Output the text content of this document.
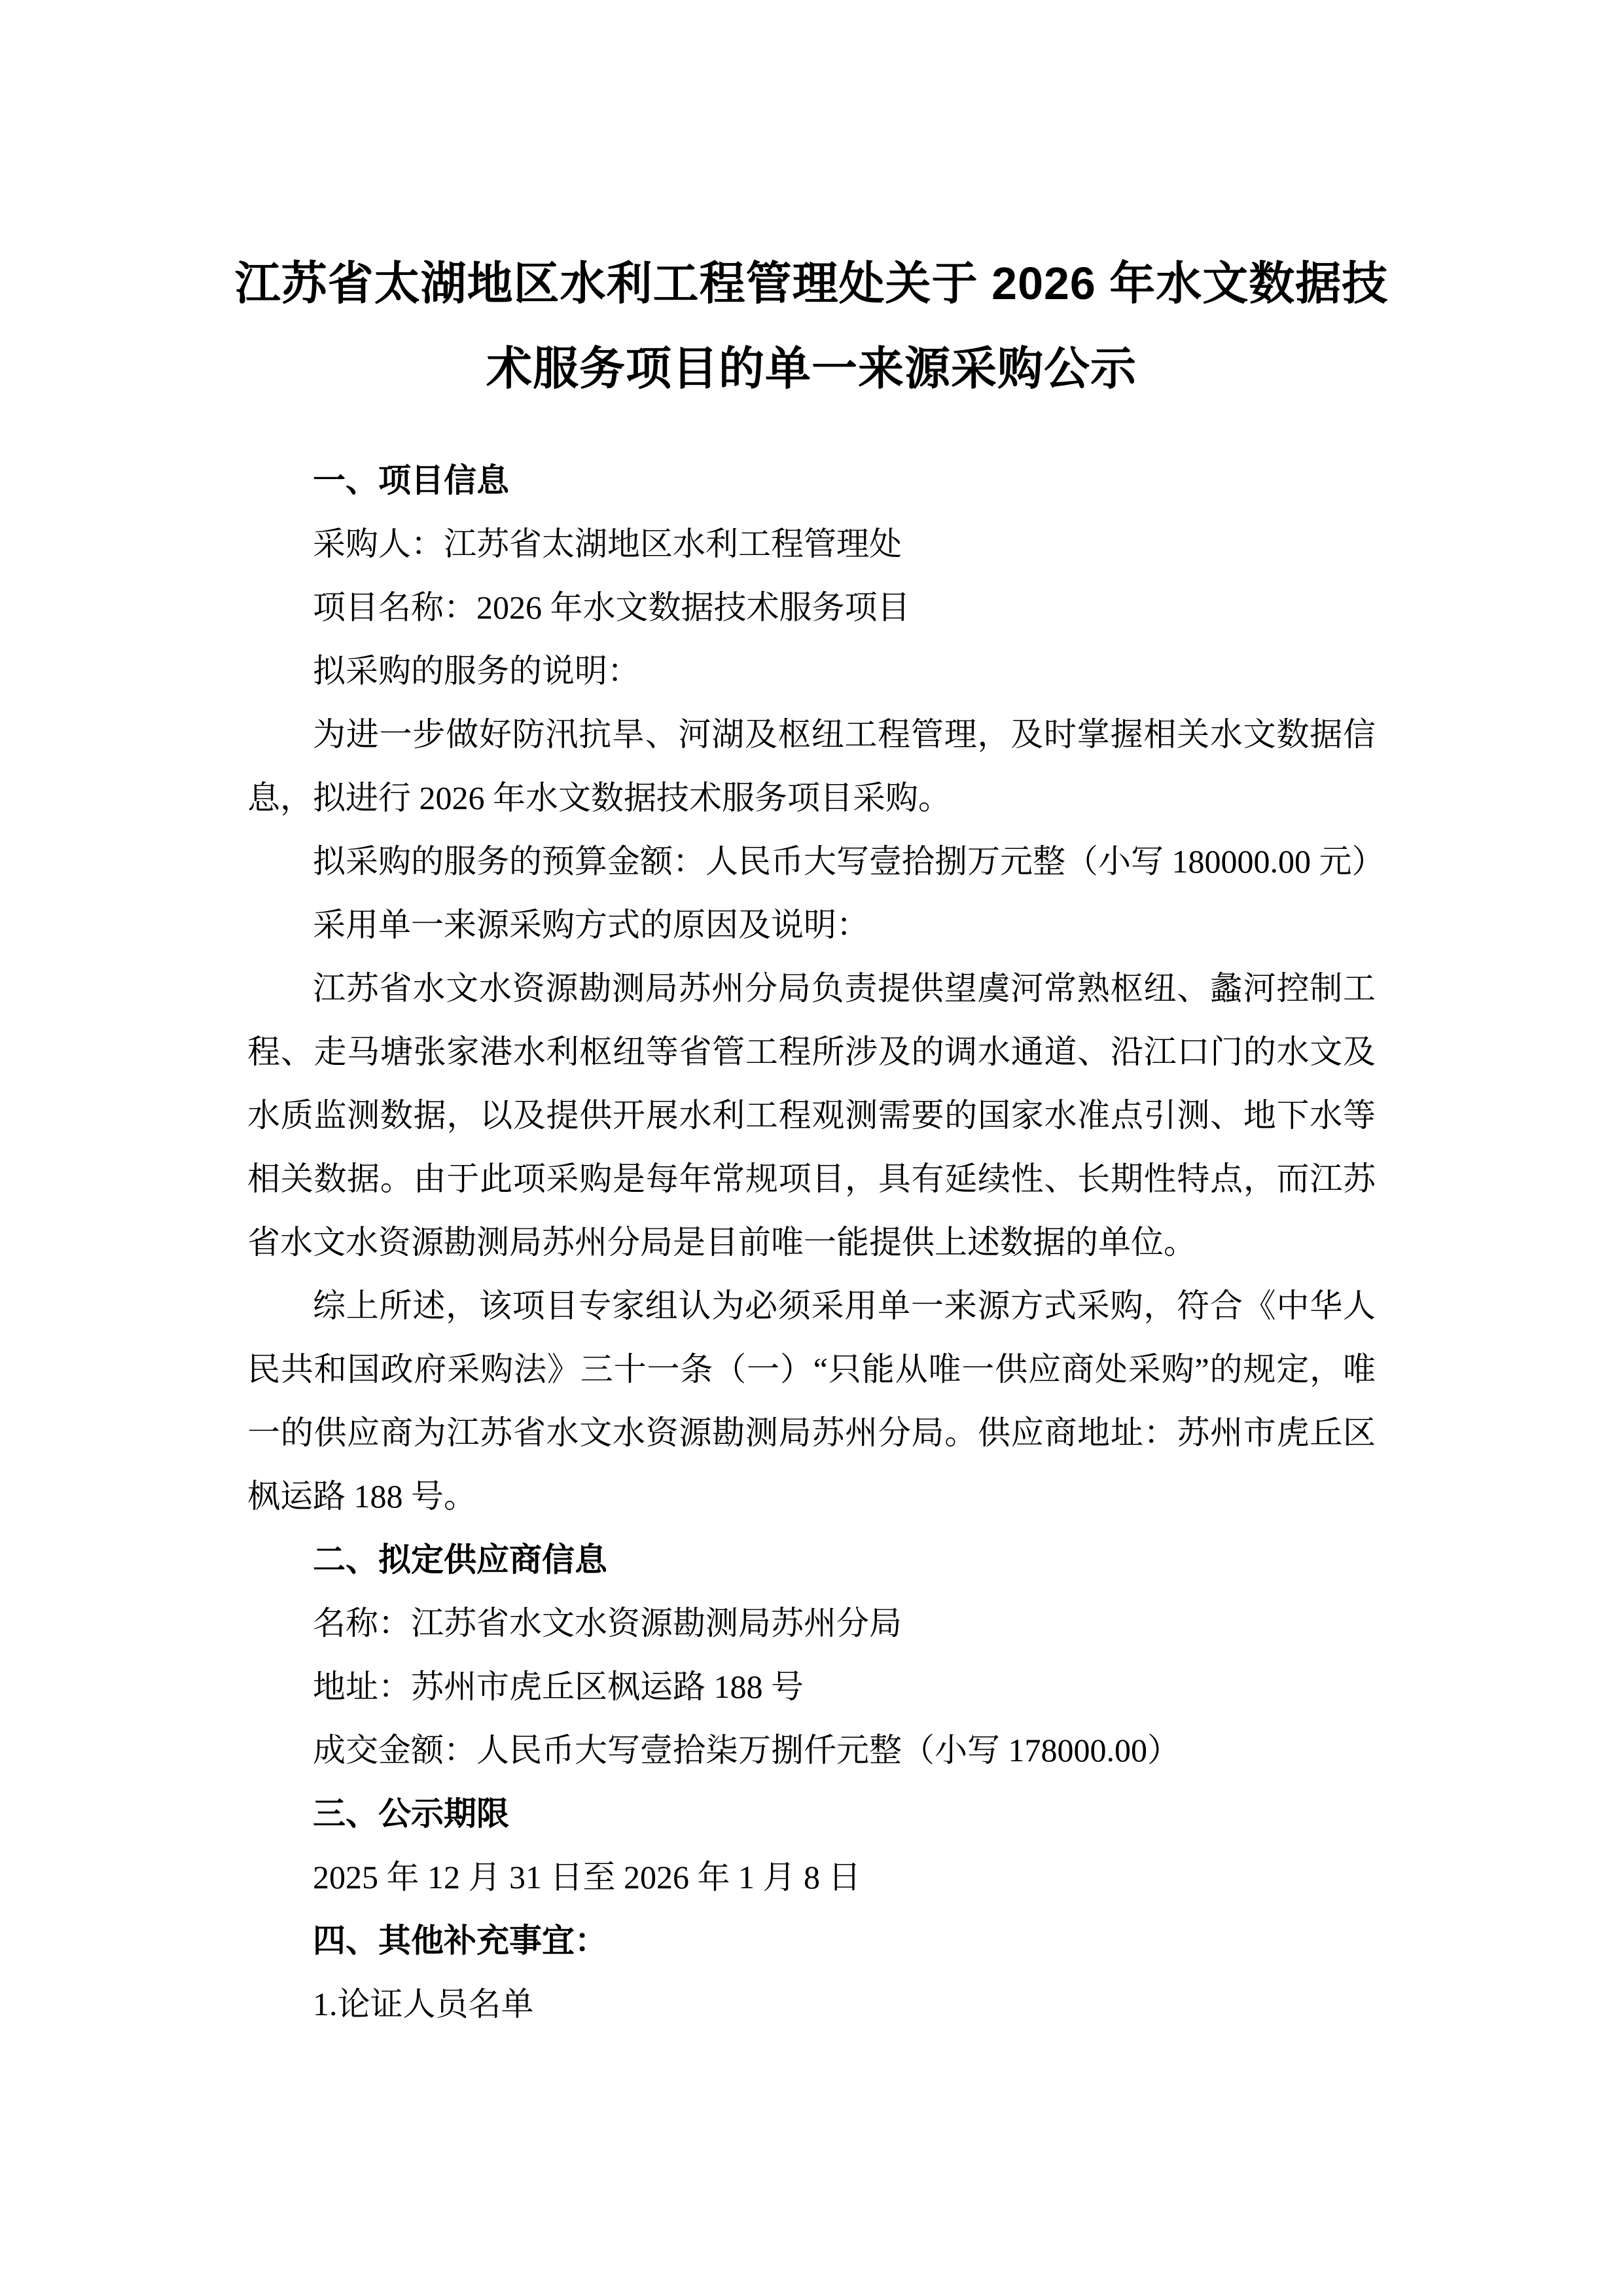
江苏省太湖地区水利工程管理处关于 2026 年水文数据技
术服务项目的单一来源采购公示

一、项目信息

采购人：江苏省太湖地区水利工程管理处

项目名称：2026 年水文数据技术服务项目

拟采购的服务的说明：

为进一步做好防汛抗旱、河湖及枢纽工程管理，及时掌握相关水文数据信息，拟进行 2026 年水文数据技术服务项目采购。

拟采购的服务的预算金额：人民币大写壹拾捌万元整（小写 180000.00 元）

采用单一来源采购方式的原因及说明：

江苏省水文水资源勘测局苏州分局负责提供望虞河常熟枢纽、蠡河控制工程、走马塘张家港水利枢纽等省管工程所涉及的调水通道、沿江口门的水文及水质监测数据，以及提供开展水利工程观测需要的国家水准点引测、地下水等相关数据。由于此项采购是每年常规项目，具有延续性、长期性特点，而江苏省水文水资源勘测局苏州分局是目前唯一能提供上述数据的单位。

综上所述，该项目专家组认为必须采用单一来源方式采购，符合《中华人民共和国政府采购法》三十一条（一）“只能从唯一供应商处采购”的规定，唯一的供应商为江苏省水文水资源勘测局苏州分局。供应商地址：苏州市虎丘区枫运路 188 号。

二、拟定供应商信息

名称：江苏省水文水资源勘测局苏州分局

地址：苏州市虎丘区枫运路 188 号

成交金额：人民币大写壹拾柒万捌仟元整（小写 178000.00）

三、公示期限

2025 年 12 月 31 日至 2026 年 1 月 8 日

四、其他补充事宜：

1.论证人员名单
